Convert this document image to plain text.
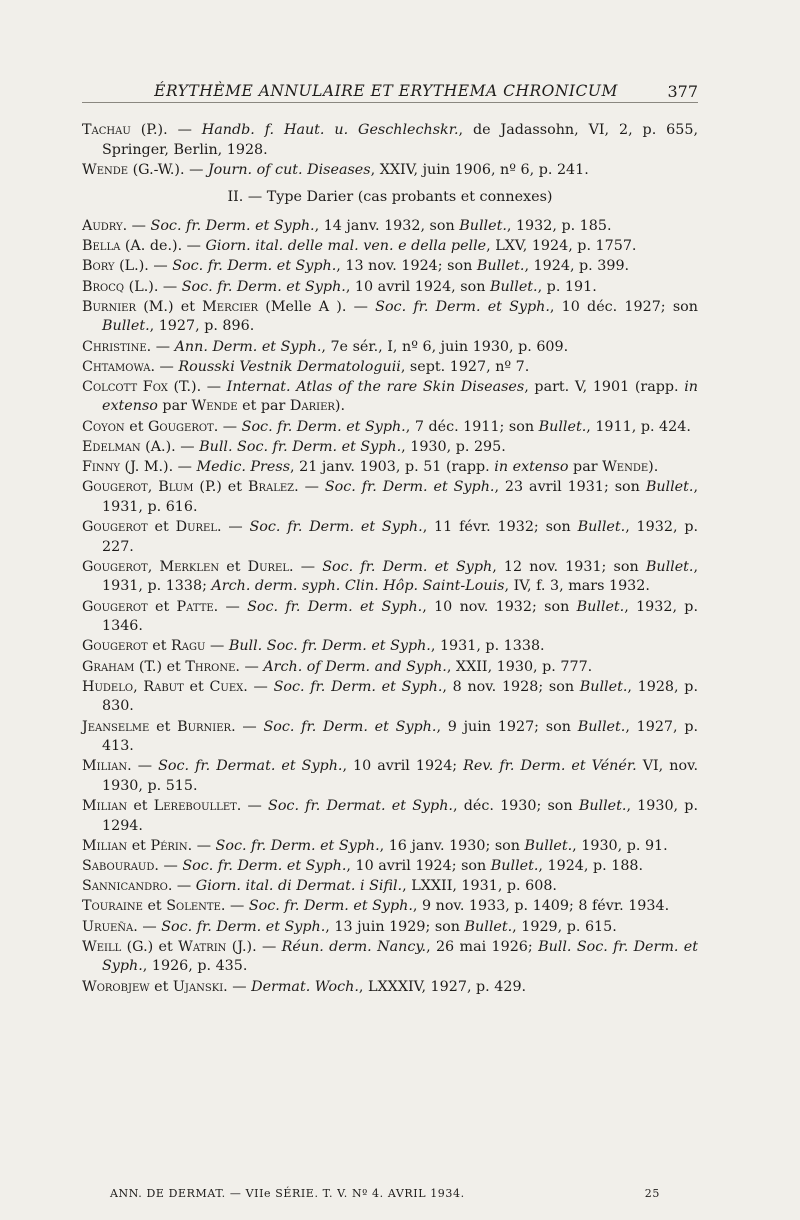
ÉRYTHÈME ANNULAIRE ET ERYTHEMA CHRONICUM	377
Tachau (P.). — Handb. f. Haut. u. Geschlechskr., de Jadassohn, VI, 2, p. 655, Springer, Berlin, 1928.
Wende (G.-W.). — Journ. of cut. Diseases, XXIV, juin 1906, nº 6, p. 241.
II. — Type Darier (cas probants et connexes)
Audry. — Soc. fr. Derm. et Syph., 14 janv. 1932, son Bullet., 1932, p. 185.
Bella (A. de.). — Giorn. ital. delle mal. ven. e della pelle, LXV, 1924, p. 1757.
Bory (L.). — Soc. fr. Derm. et Syph., 13 nov. 1924; son Bullet., 1924, p. 399.
Brocq (L.). — Soc. fr. Derm. et Syph., 10 avril 1924, son Bullet., p. 191.
Burnier (M.) et Mercier (Melle A ). — Soc. fr. Derm. et Syph., 10 déc. 1927; son Bullet., 1927, p. 896.
Christine. — Ann. Derm. et Syph., 7e sér., I, nº 6, juin 1930, p. 609.
Chtamowa. — Rousski Vestnik Dermatologuii, sept. 1927, nº 7.
Colcott Fox (T.). — Internat. Atlas of the rare Skin Diseases, part. V, 1901 (rapp. in extenso par Wende et par Darier).
Coyon et Gougerot. — Soc. fr. Derm. et Syph., 7 déc. 1911; son Bullet., 1911, p. 424.
Edelman (A.). — Bull. Soc. fr. Derm. et Syph., 1930, p. 295.
Finny (J. M.). — Medic. Press, 21 janv. 1903, p. 51 (rapp. in extenso par Wende).
Gougerot, Blum (P.) et Bralez. — Soc. fr. Derm. et Syph., 23 avril 1931; son Bullet., 1931, p. 616.
Gougerot et Durel. — Soc. fr. Derm. et Syph., 11 févr. 1932; son Bullet., 1932, p. 227.
Gougerot, Merklen et Durel. — Soc. fr. Derm. et Syph, 12 nov. 1931; son Bullet., 1931, p. 1338; Arch. derm. syph. Clin. Hôp. Saint-Louis, IV, f. 3, mars 1932.
Gougerot et Patte. — Soc. fr. Derm. et Syph., 10 nov. 1932; son Bullet., 1932, p. 1346.
Gougerot et Ragu — Bull. Soc. fr. Derm. et Syph., 1931, p. 1338.
Graham (T.) et Throne. — Arch. of Derm. and Syph., XXII, 1930, p. 777.
Hudelo, Rabut et Cuex. — Soc. fr. Derm. et Syph., 8 nov. 1928; son Bullet., 1928, p. 830.
Jeanselme et Burnier. — Soc. fr. Derm. et Syph., 9 juin 1927; son Bullet., 1927, p. 413.
Milian. — Soc. fr. Dermat. et Syph., 10 avril 1924; Rev. fr. Derm. et Vénér. VI, nov. 1930, p. 515.
Milian et Lereboullet. — Soc. fr. Dermat. et Syph., déc. 1930; son Bullet., 1930, p. 1294.
Milian et Périn. — Soc. fr. Derm. et Syph., 16 janv. 1930; son Bullet., 1930, p. 91.
Sabouraud. — Soc. fr. Derm. et Syph., 10 avril 1924; son Bullet., 1924, p. 188.
Sannicandro. — Giorn. ital. di Dermat. i Sifil., LXXII, 1931, p. 608.
Touraine et Solente. — Soc. fr. Derm. et Syph., 9 nov. 1933, p. 1409; 8 févr. 1934.
Urueña. — Soc. fr. Derm. et Syph., 13 juin 1929; son Bullet., 1929, p. 615.
Weill (G.) et Watrin (J.). — Réun. derm. Nancy., 26 mai 1926; Bull. Soc. fr. Derm. et Syph., 1926, p. 435.
Worobjew et Ujanski. — Dermat. Woch., LXXXIV, 1927, p. 429.
ANN. DE DERMAT. — VIIe SÉRIE. T. V. Nº 4. AVRIL 1934.	25
